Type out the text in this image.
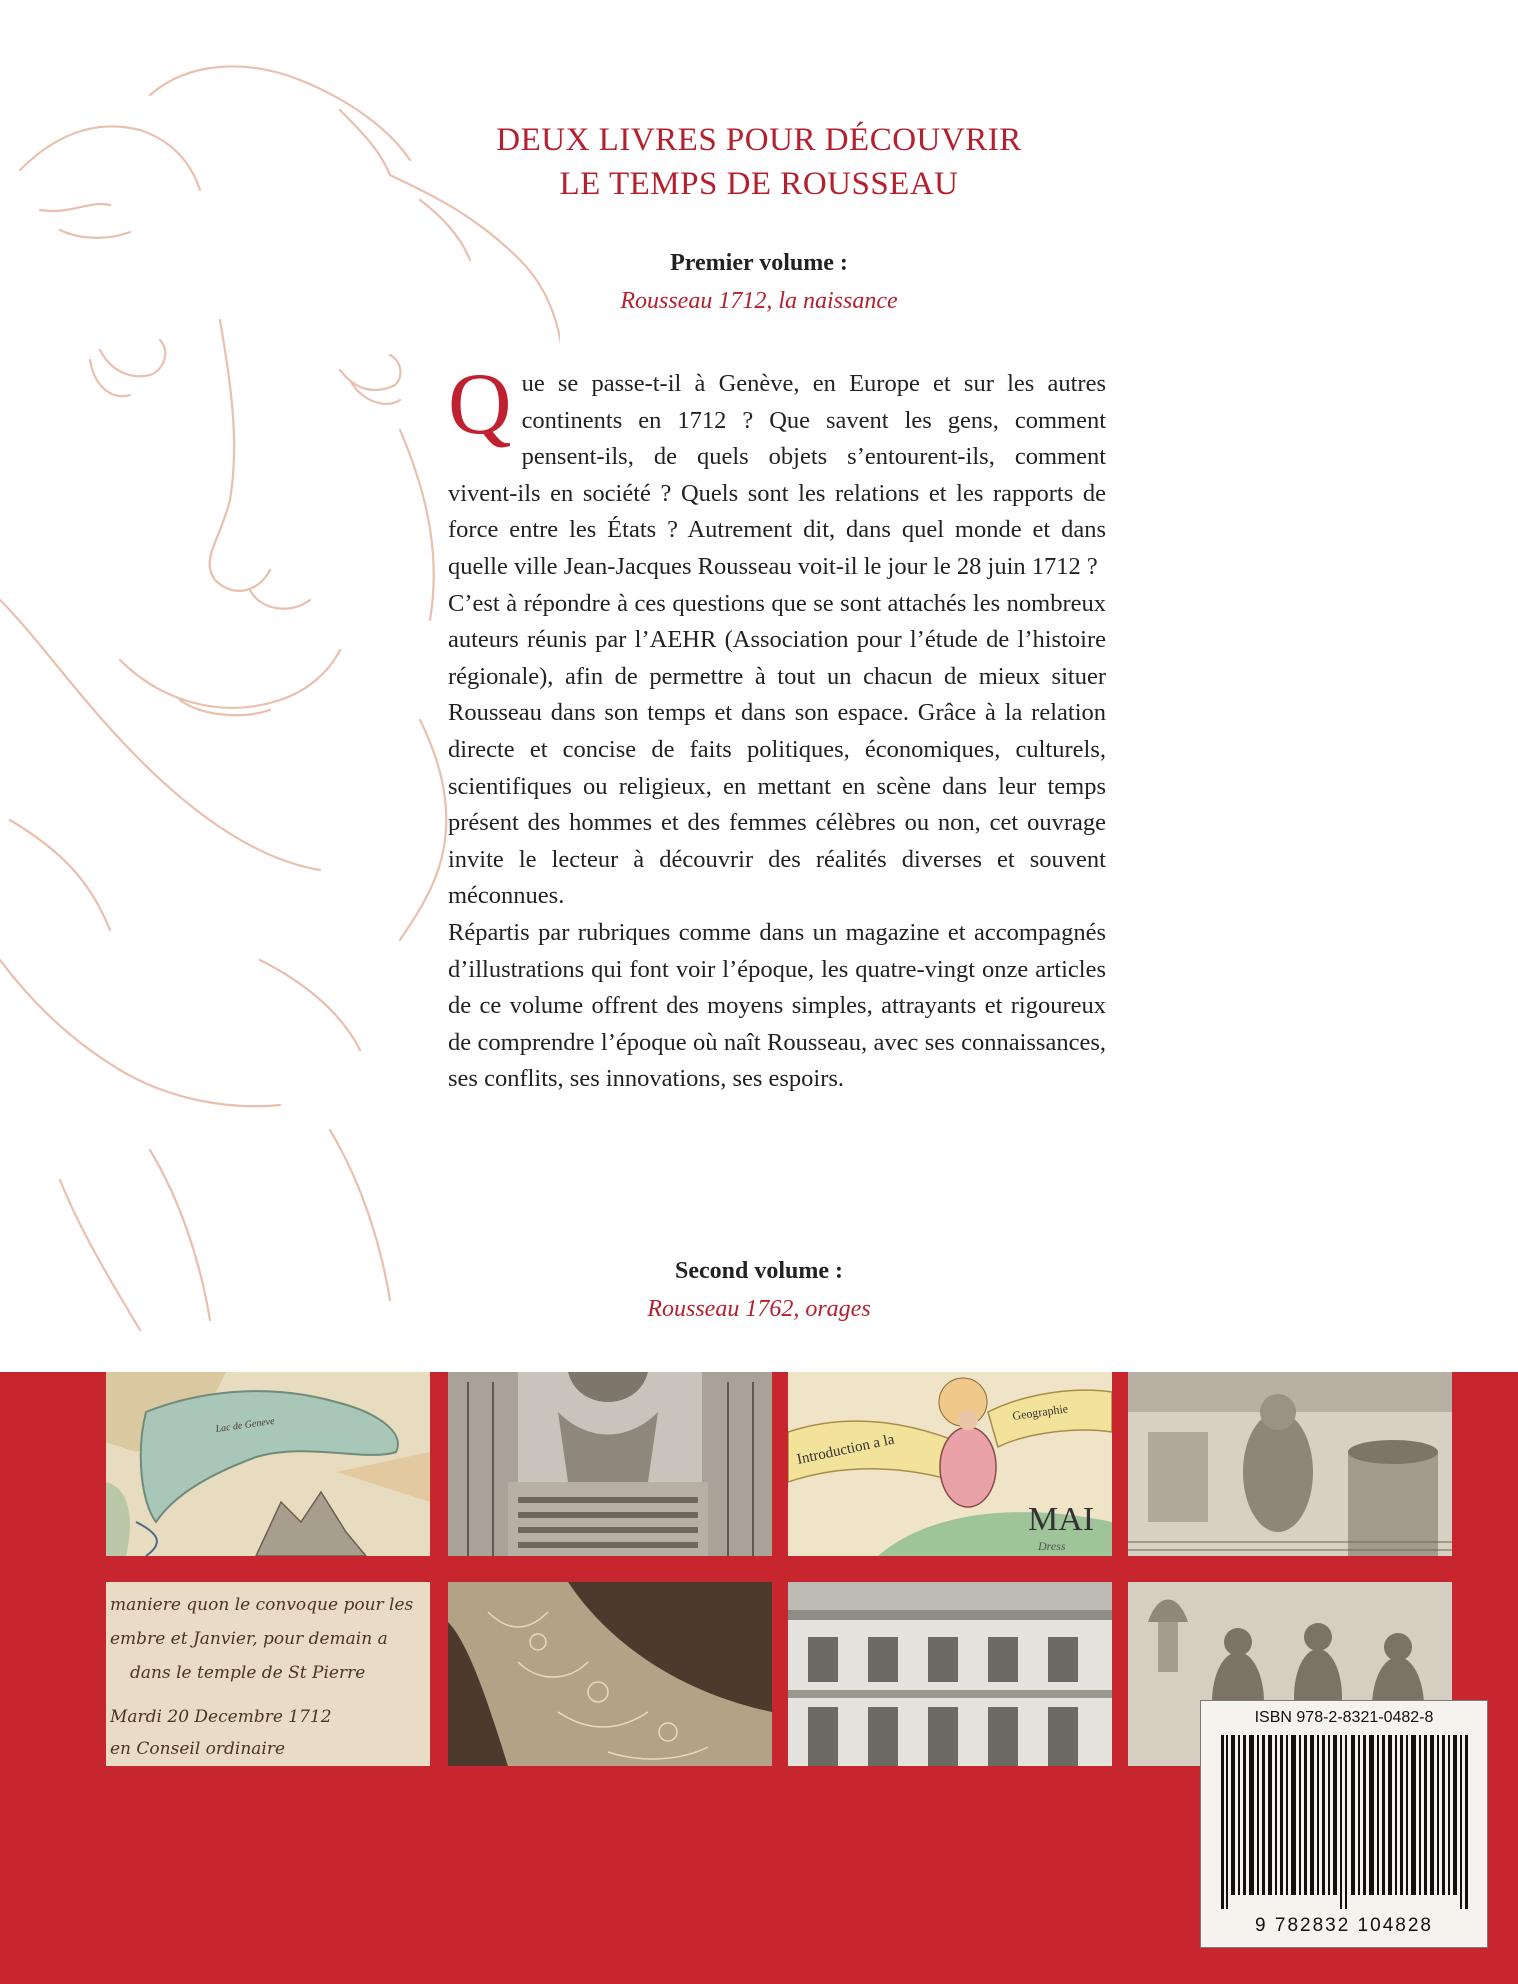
DEUX LIVRES POUR DÉCOUVRIR
LE TEMPS DE ROUSSEAU
Premier volume :
Rousseau 1712, la naissance

Que se passe-t-il à Genève, en Europe et sur les autres continents en 1712 ? Que savent les gens, comment pensent-ils, de quels objets s’entourent-ils, comment vivent-ils en société ? Quels sont les relations et les rapports de force entre les États ? Autrement dit, dans quel monde et dans quelle ville Jean-Jacques Rousseau voit-il le jour le 28 juin 1712 ?

C’est à répondre à ces questions que se sont attachés les nombreux auteurs réunis par l’AEHR (Association pour l’étude de l’histoire régionale), afin de permettre à tout un chacun de mieux situer Rousseau dans son temps et dans son espace. Grâce à la relation directe et concise de faits politiques, économiques, culturels, scientifiques ou religieux, en mettant en scène dans leur temps présent des hommes et des femmes célèbres ou non, cet ouvrage invite le lecteur à découvrir des réalités diverses et souvent méconnues.

Répartis par rubriques comme dans un magazine et accompagnés d’illustrations qui font voir l’époque, les quatre-vingt onze articles de ce volume offrent des moyens simples, attrayants et rigoureux de comprendre l’époque où naît Rousseau, avec ses connaissances, ses conflits, ses innovations, ses espoirs.

Second volume :
Rousseau 1762, orages
Lac de Geneve
Introduction a la
Geographie
MAI
Dress
maniere quon le convoque pour les
embre et Janvier, pour demain a
dans le temple de St Pierre
Mardi 20 Decembre 1712
en Conseil ordinaire
ISBN 978-2-8321-0482-8
9 782832 104828
